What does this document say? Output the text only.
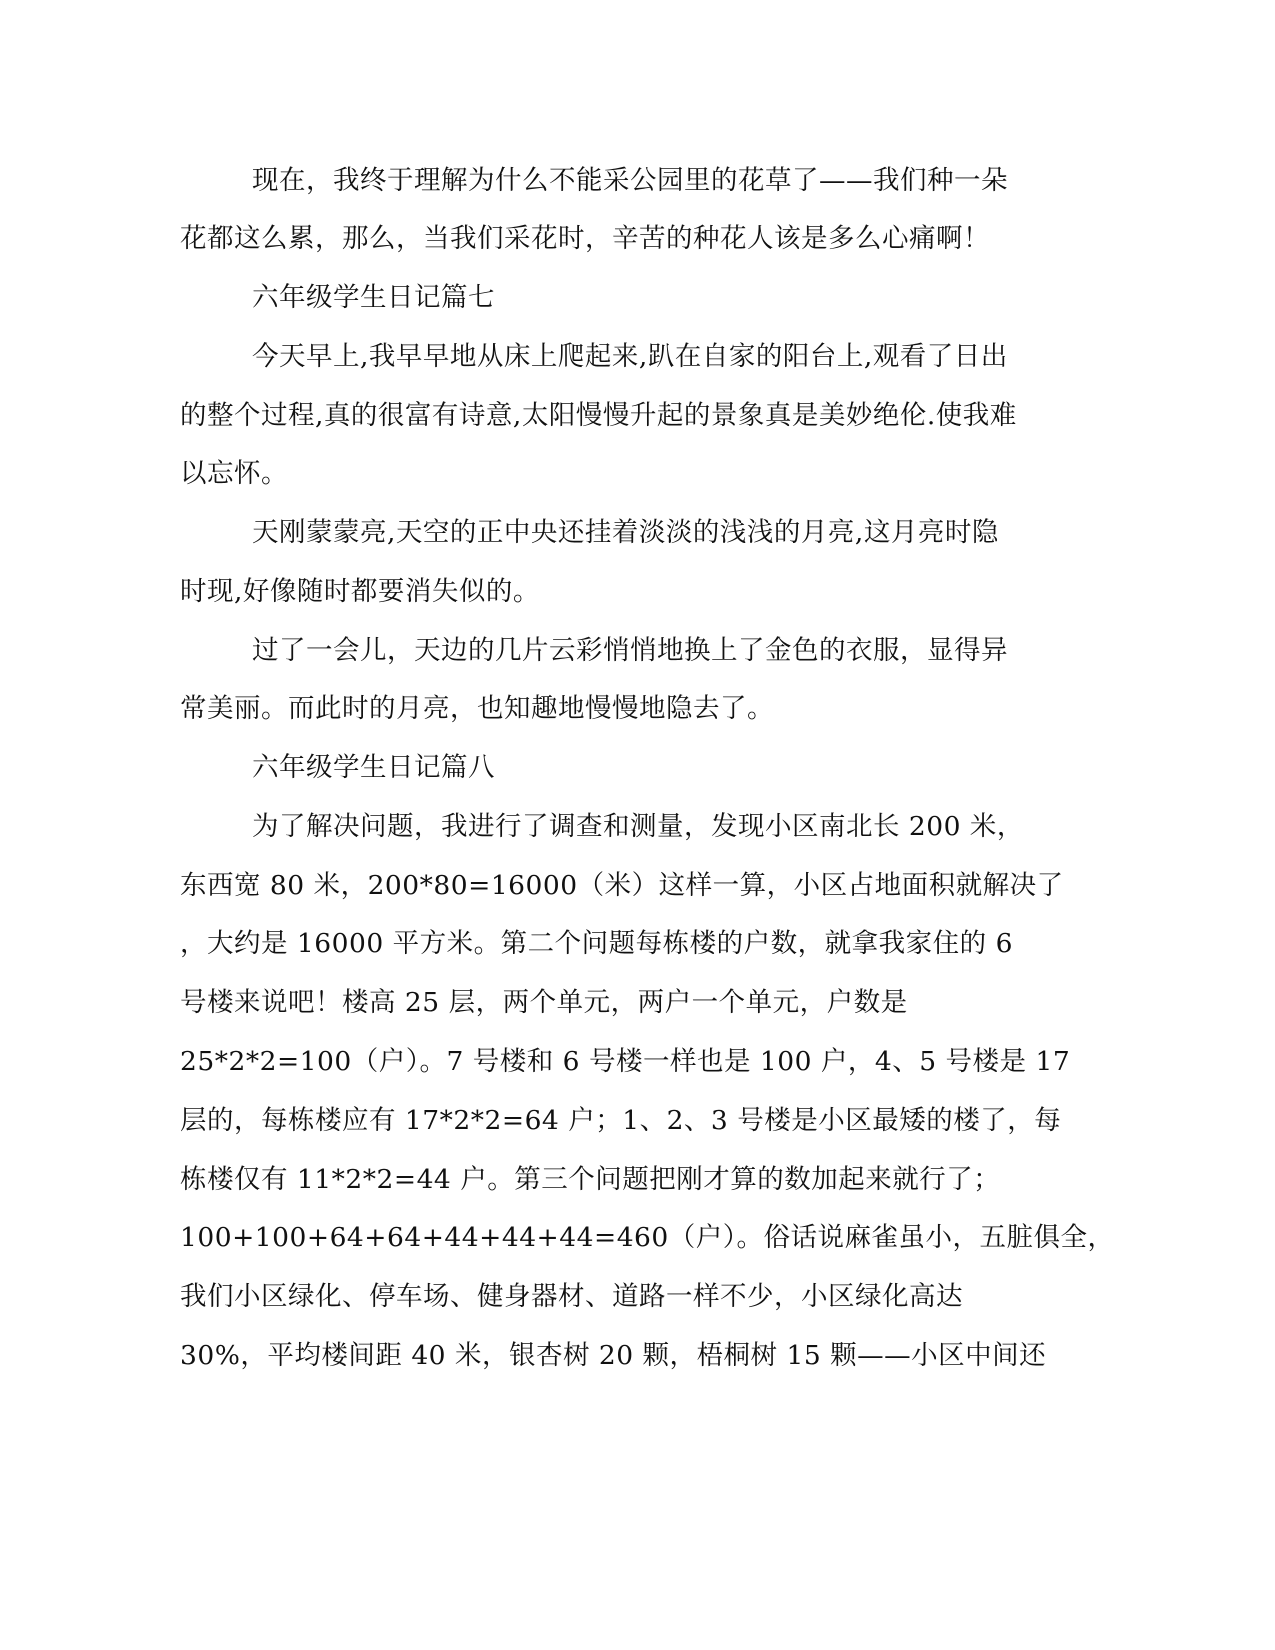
现在，我终于理解为什么不能采公园里的花草了——我们种一朵

花都这么累，那么，当我们采花时，辛苦的种花人该是多么心痛啊！

六年级学生日记篇七

今天早上,我早早地从床上爬起来,趴在自家的阳台上,观看了日出

的整个过程,真的很富有诗意,太阳慢慢升起的景象真是美妙绝伦.使我难

以忘怀。

天刚蒙蒙亮,天空的正中央还挂着淡淡的浅浅的月亮,这月亮时隐

时现,好像随时都要消失似的。

过了一会儿，天边的几片云彩悄悄地换上了金色的衣服，显得异

常美丽。而此时的月亮，也知趣地慢慢地隐去了。

六年级学生日记篇八

为了解决问题，我进行了调查和测量，发现小区南北长 200 米，

东西宽 80 米，200*80=16000（米）这样一算，小区占地面积就解决了

，大约是 16000 平方米。第二个问题每栋楼的户数，就拿我家住的 6

号楼来说吧！楼高 25 层，两个单元，两户一个单元，户数是

25*2*2=100（户）。7 号楼和 6 号楼一样也是 100 户，4、5 号楼是 17

层的，每栋楼应有 17*2*2=64 户；1、2、3 号楼是小区最矮的楼了，每

栋楼仅有 11*2*2=44 户。第三个问题把刚才算的数加起来就行了；

100+100+64+64+44+44+44=460（户）。俗话说麻雀虽小，五脏俱全，

我们小区绿化、停车场、健身器材、道路一样不少，小区绿化高达

30%，平均楼间距 40 米，银杏树 20 颗，梧桐树 15 颗——小区中间还
